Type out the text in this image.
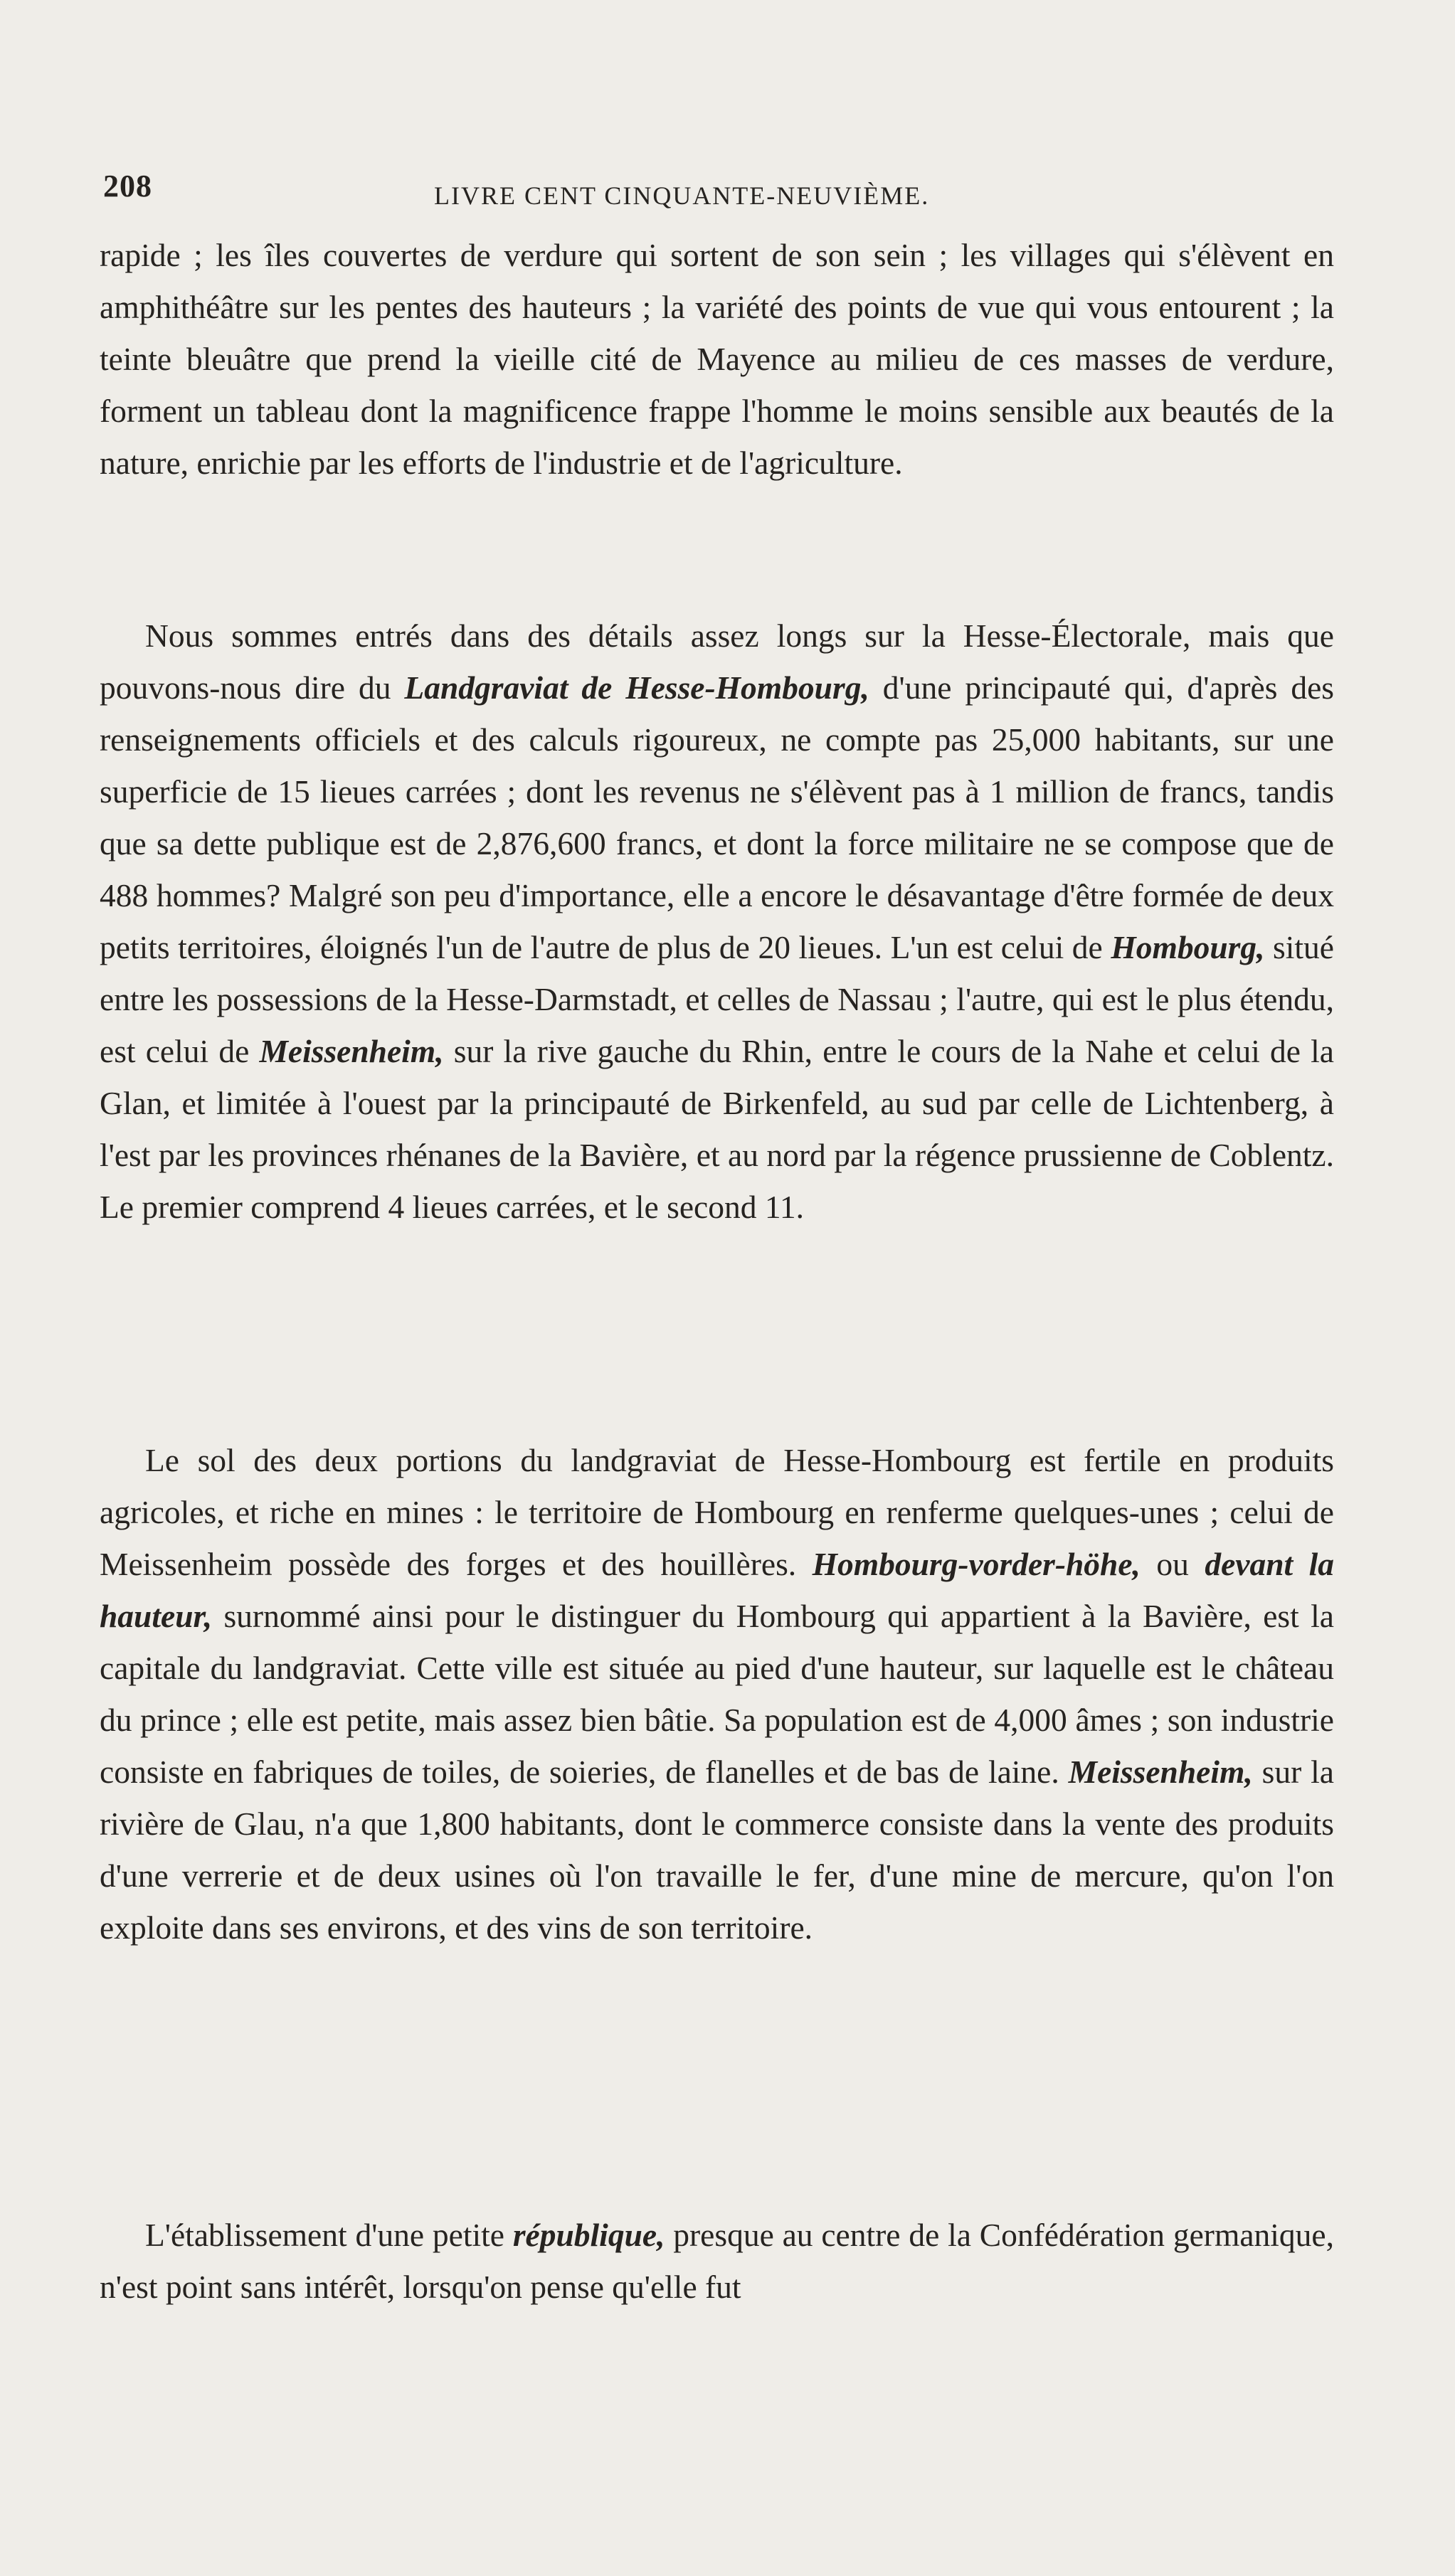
208	LIVRE CENT CINQUANTE-NEUVIÈME.

rapide ; les îles couvertes de verdure qui sortent de son sein ; les villages qui s'élèvent en amphithéâtre sur les pentes des hauteurs ; la variété des points de vue qui vous entourent ; la teinte bleuâtre que prend la vieille cité de Mayence au milieu de ces masses de verdure, forment un tableau dont la magnificence frappe l'homme le moins sensible aux beautés de la nature, enrichie par les efforts de l'industrie et de l'agriculture.

Nous sommes entrés dans des détails assez longs sur la Hesse-Électorale, mais que pouvons-nous dire du Landgraviat de Hesse-Hombourg, d'une principauté qui, d'après des renseignements officiels et des calculs rigoureux, ne compte pas 25,000 habitants, sur une superficie de 15 lieues carrées ; dont les revenus ne s'élèvent pas à 1 million de francs, tandis que sa dette publique est de 2,876,600 francs, et dont la force militaire ne se compose que de 488 hommes? Malgré son peu d'importance, elle a encore le désavantage d'être formée de deux petits territoires, éloignés l'un de l'autre de plus de 20 lieues. L'un est celui de Hombourg, situé entre les possessions de la Hesse-Darmstadt, et celles de Nassau ; l'autre, qui est le plus étendu, est celui de Meissenheim, sur la rive gauche du Rhin, entre le cours de la Nahe et celui de la Glan, et limitée à l'ouest par la principauté de Birkenfeld, au sud par celle de Lichtenberg, à l'est par les provinces rhénanes de la Bavière, et au nord par la régence prussienne de Coblentz. Le premier comprend 4 lieues carrées, et le second 11.

Le sol des deux portions du landgraviat de Hesse-Hombourg est fertile en produits agricoles, et riche en mines : le territoire de Hombourg en renferme quelques-unes ; celui de Meissenheim possède des forges et des houillères. Hombourg-vorder-höhe, ou devant la hauteur, surnommé ainsi pour le distinguer du Hombourg qui appartient à la Bavière, est la capitale du landgraviat. Cette ville est située au pied d'une hauteur, sur laquelle est le château du prince ; elle est petite, mais assez bien bâtie. Sa population est de 4,000 âmes ; son industrie consiste en fabriques de toiles, de soieries, de flanelles et de bas de laine. Meissenheim, sur la rivière de Glau, n'a que 1,800 habitants, dont le commerce consiste dans la vente des produits d'une verrerie et de deux usines où l'on travaille le fer, d'une mine de mercure, qu'on l'on exploite dans ses environs, et des vins de son territoire.

L'établissement d'une petite république, presque au centre de la Confédération germanique, n'est point sans intérêt, lorsqu'on pense qu'elle fut
